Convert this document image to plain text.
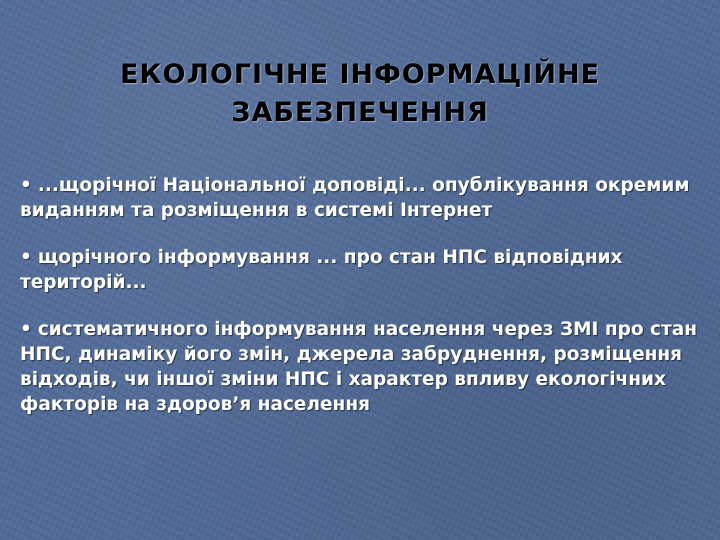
ЕКОЛОГІЧНЕ ІНФОРМАЦІЙНЕ
ЗАБЕЗПЕЧЕННЯ
• ...щорічної Національної доповіді... опублікування окремим виданням та розміщення в системі Інтернет
• щорічного інформування ... про стан НПС відповідних територій...
• систематичного інформування населення через ЗМІ про стан НПС, динаміку його змін, джерела забруднення, розміщення відходів, чи іншої зміни НПС і характер впливу екологічних факторів на здоров’я населення
